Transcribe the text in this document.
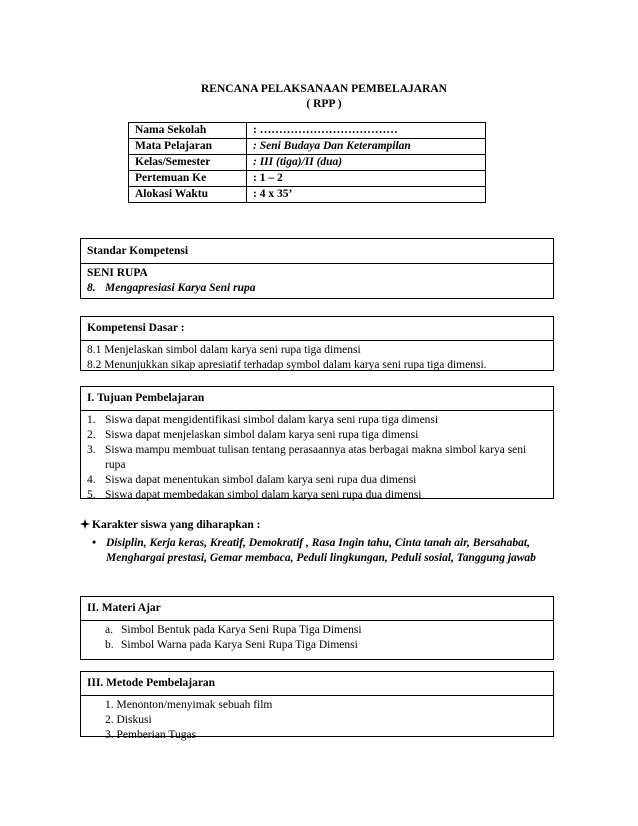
RENCANA PELAKSANAAN PEMBELAJARAN
( RPP )
Nama Sekolah	: ………………………………
Mata Pelajaran	: Seni Budaya Dan Keterampilan
Kelas/Semester	: III (tiga)/II (dua)
Pertemuan Ke	: 1 – 2
Alokasi Waktu	: 4 x 35’
Standar Kompetensi
SENI RUPA
8. Mengapresiasi Karya Seni rupa
Kompetensi Dasar :
8.1 Menjelaskan simbol dalam karya seni rupa tiga dimensi
8.2 Menunjukkan sikap apresiatif terhadap symbol dalam karya seni rupa tiga dimensi.
I. Tujuan Pembelajaran
1. Siswa dapat mengidentifikasi simbol dalam karya seni rupa tiga dimensi
2. Siswa dapat menjelaskan simbol dalam karya seni rupa tiga dimensi
3. Siswa mampu membuat tulisan tentang perasaannya atas berbagai makna simbol karya seni rupa
4. Siswa dapat menentukan simbol dalam karya seni rupa dua dimensi
5. Siswa dapat membedakan simbol dalam karya seni rupa dua dimensi
Karakter siswa yang diharapkan :
• Disiplin, Kerja keras, Kreatif, Demokratif , Rasa Ingin tahu, Cinta tanah air, Bersahabat, Menghargai prestasi, Gemar membaca, Peduli lingkungan, Peduli sosial, Tanggung jawab
II. Materi Ajar
a. Simbol Bentuk pada Karya Seni Rupa Tiga Dimensi
b. Simbol Warna pada Karya Seni Rupa Tiga Dimensi
III. Metode Pembelajaran
1. Menonton/menyimak sebuah film
2. Diskusi
3. Pemberian Tugas
